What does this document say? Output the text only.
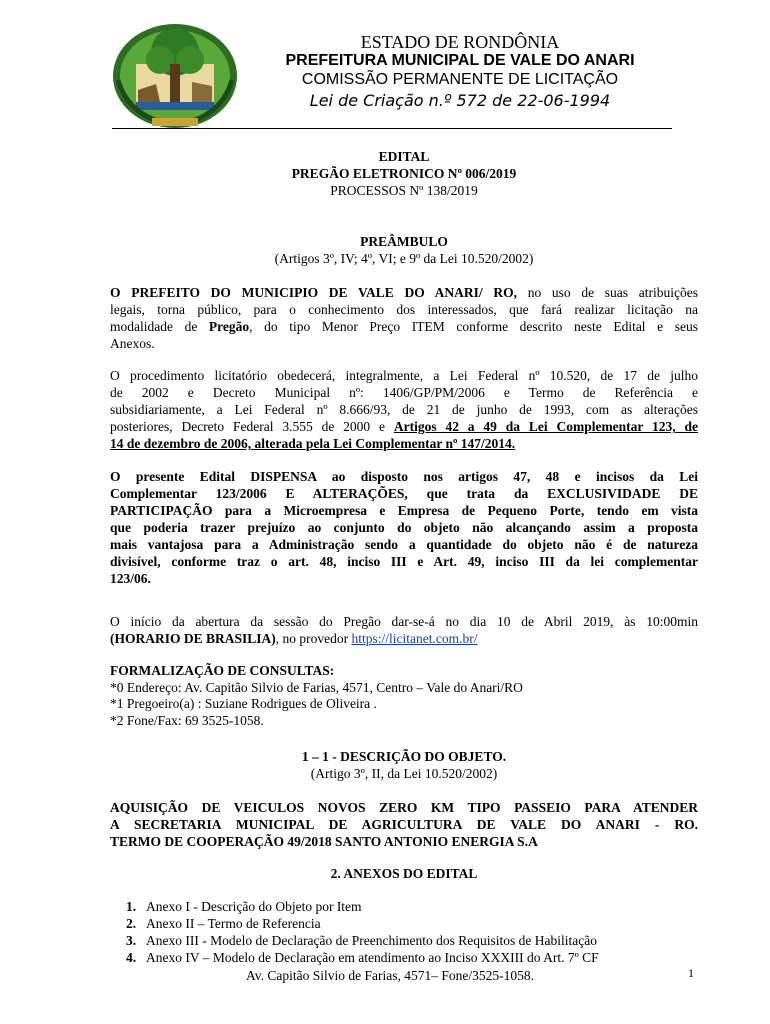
ESTADO DE RONDÔNIA
PREFEITURA MUNICIPAL DE VALE DO ANARI
COMISSÃO PERMANENTE DE LICITAÇÃO
Lei de Criação n.º 572 de 22-06-1994
EDITAL
PREGÃO ELETRONICO Nº 006/2019
PROCESSOS Nº 138/2019
PREÂMBULO
(Artigos 3º, IV; 4º, VI; e 9º da Lei 10.520/2002)
O PREFEITO DO MUNICIPIO DE VALE DO ANARI/ RO, no uso de suas atribuições
legais, torna público, para o conhecimento dos interessados, que fará realizar licitação na
modalidade de Pregão, do tipo Menor Preço ITEM conforme descrito neste Edital e seus
Anexos.
O procedimento licitatório obedecerá, integralmente, a Lei Federal nº 10.520, de 17 de julho
de 2002 e Decreto Municipal nº: 1406/GP/PM/2006 e Termo de Referência e
subsidiariamente, a Lei Federal nº 8.666/93, de 21 de junho de 1993, com as alterações
posteriores, Decreto Federal 3.555 de 2000 e Artigos 42 a 49 da Lei Complementar 123, de
14 de dezembro de 2006, alterada pela Lei Complementar nº 147/2014.
O presente Edital DISPENSA ao disposto nos artigos 47, 48 e incisos da Lei
Complementar 123/2006 E ALTERAÇÕES, que trata da EXCLUSIVIDADE DE
PARTICIPAÇÃO para a Microempresa e Empresa de Pequeno Porte, tendo em vista
que poderia trazer prejuízo ao conjunto do objeto não alcançando assim a proposta
mais vantajosa para a Administração sendo a quantidade do objeto não é de natureza
divisível, conforme traz o art. 48, inciso III e Art. 49, inciso III da lei complementar
123/06.
O início da abertura da sessão do Pregão dar-se-á no dia 10 de Abril 2019, às 10:00min
(HORARIO DE BRASILIA), no provedor https://licitanet.com.br/
FORMALIZAÇÃO DE CONSULTAS:
*0 Endereço: Av. Capitão Silvio de Farias, 4571, Centro – Vale do Anari/RO
*1 Pregoeiro(a) : Suziane Rodrigues de Oliveira .
*2 Fone/Fax: 69 3525-1058.
1 – 1 - DESCRIÇÃO DO OBJETO.
(Artigo 3º, II, da Lei 10.520/2002)
AQUISIÇÃO DE VEICULOS NOVOS ZERO KM TIPO PASSEIO PARA ATENDER
A SECRETARIA MUNICIPAL DE AGRICULTURA DE VALE DO ANARI - RO.
TERMO DE COOPERAÇÃO 49/2018 SANTO ANTONIO ENERGIA S.A
2. ANEXOS DO EDITAL
1. Anexo I - Descrição do Objeto por Item
2. Anexo II – Termo de Referencia
3. Anexo III - Modelo de Declaração de Preenchimento dos Requisitos de Habilitação
4. Anexo IV – Modelo de Declaração em atendimento ao Inciso XXXIII do Art. 7º CF
Av. Capitão Silvio de Farias, 4571– Fone/3525-1058.	1
